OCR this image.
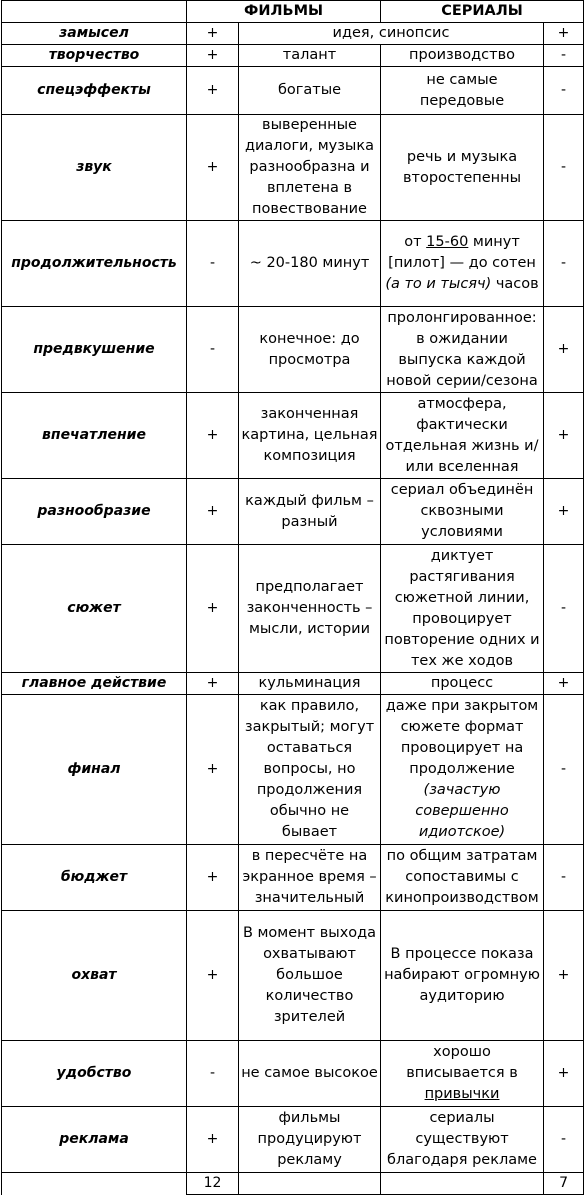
	ФИЛЬМЫ		СЕРИАЛЫ	
замысел	+	идея, синопсис		+
творчество	+	талант	производство	-
спецэффекты	+	богатые	не самые передовые	-
звук	+	выверенные диалоги, музыка разнообразна и вплетена в повествование	речь и музыка второстепенны	-
продолжительность	-	~ 20-180 минут	от 15-60 минут [пилот] — до сотен (а то и тысяч) часов	-
предвкушение	-	конечное: до просмотра	пролонгированное: в ожидании выпуска каждой новой серии/сезона	+
впечатление	+	законченная картина, цельная композиция	атмосфера, фактически отдельная жизнь и/или вселенная	+
разнообразие	+	каждый фильм – разный	сериал объединён сквозными условиями	+
сюжет	+	предполагает законченность – мысли, истории	диктует растягивания сюжетной линии, провоцирует повторение одних и тех же ходов	-
главное действие	+	кульминация	процесс	+
финал	+	как правило, закрытый; могут оставаться вопросы, но продолжения обычно не бывает	даже при закрытом сюжете формат провоцирует на продолжение (зачастую совершенно идиотское)	-
бюджет	+	в пересчёте на экранное время – значительный	по общим затратам сопоставимы с кинопроизводством	-
охват	+	В момент выхода охватывают большое количество зрителей	В процессе показа набирают огромную аудиторию	+
удобство	-	не самое высокое	хорошо вписывается в привычки	+
реклама	+	фильмы продуцируют рекламу	сериалы существуют благодаря рекламе	-
	12			7
